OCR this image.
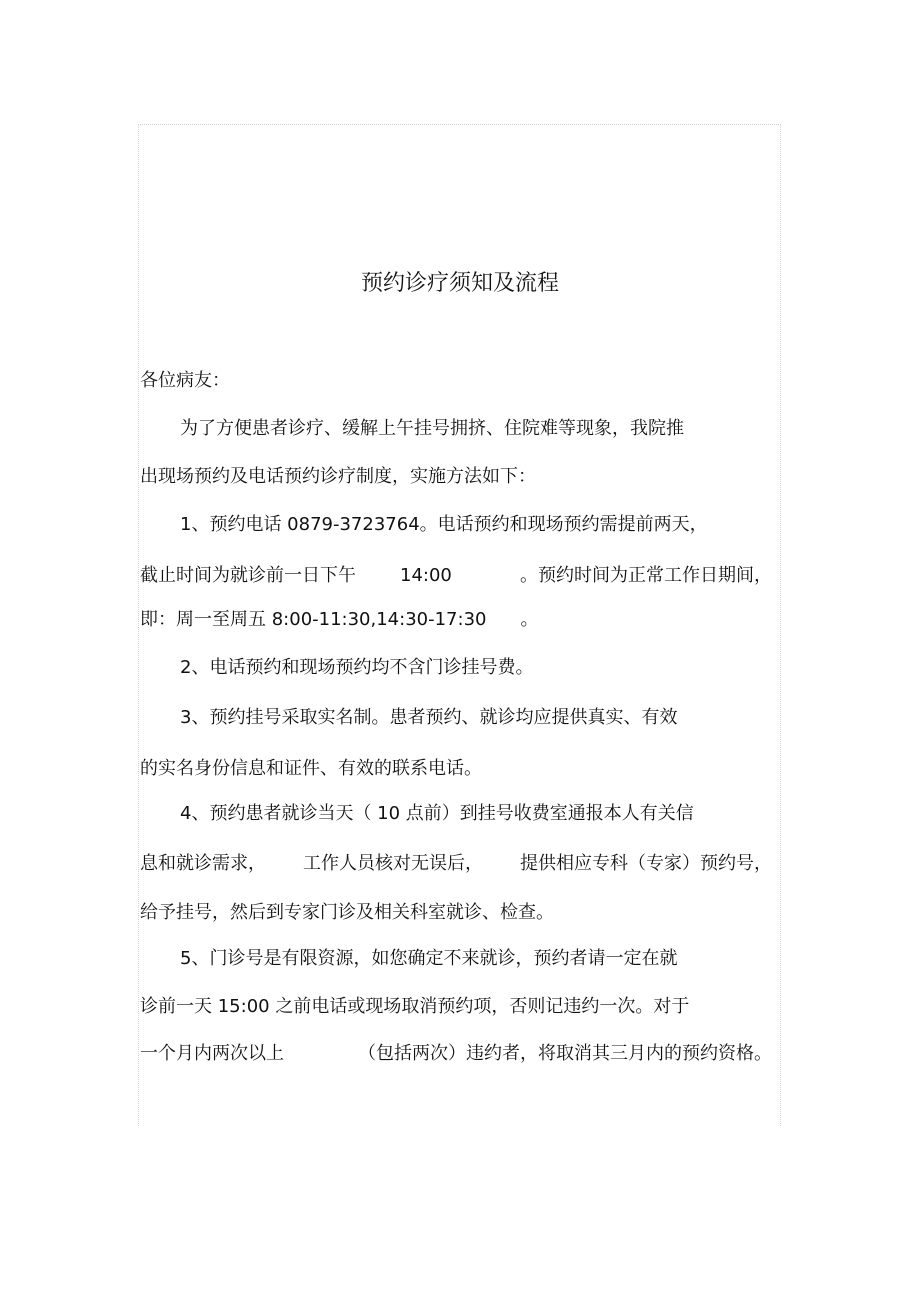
预约诊疗须知及流程
各位病友：
为了方便患者诊疗、缓解上午挂号拥挤、住院难等现象，我院推
出现场预约及电话预约诊疗制度，实施方法如下：
1、预约电话 0879-3723764。电话预约和现场预约需提前两天，
截止时间为就诊前一日下午 14:00	。预约时间为正常工作日期间，
即：周一至周五 8:00-11:30,14:30-17:30 。
2、电话预约和现场预约均不含门诊挂号费。
3、预约挂号采取实名制。患者预约、就诊均应提供真实、有效
的实名身份信息和证件、有效的联系电话。
4、预约患者就诊当天（ 10 点前）到挂号收费室通报本人有关信
息和就诊需求， 工作人员核对无误后， 提供相应专科（专家）预约号，
给予挂号，然后到专家门诊及相关科室就诊、检查。
5、门诊号是有限资源，如您确定不来就诊，预约者请一定在就
诊前一天 15:00 之前电话或现场取消预约项，否则记违约一次。对于
一个月内两次以上	（包括两次）违约者，将取消其三月内的预约资格。
